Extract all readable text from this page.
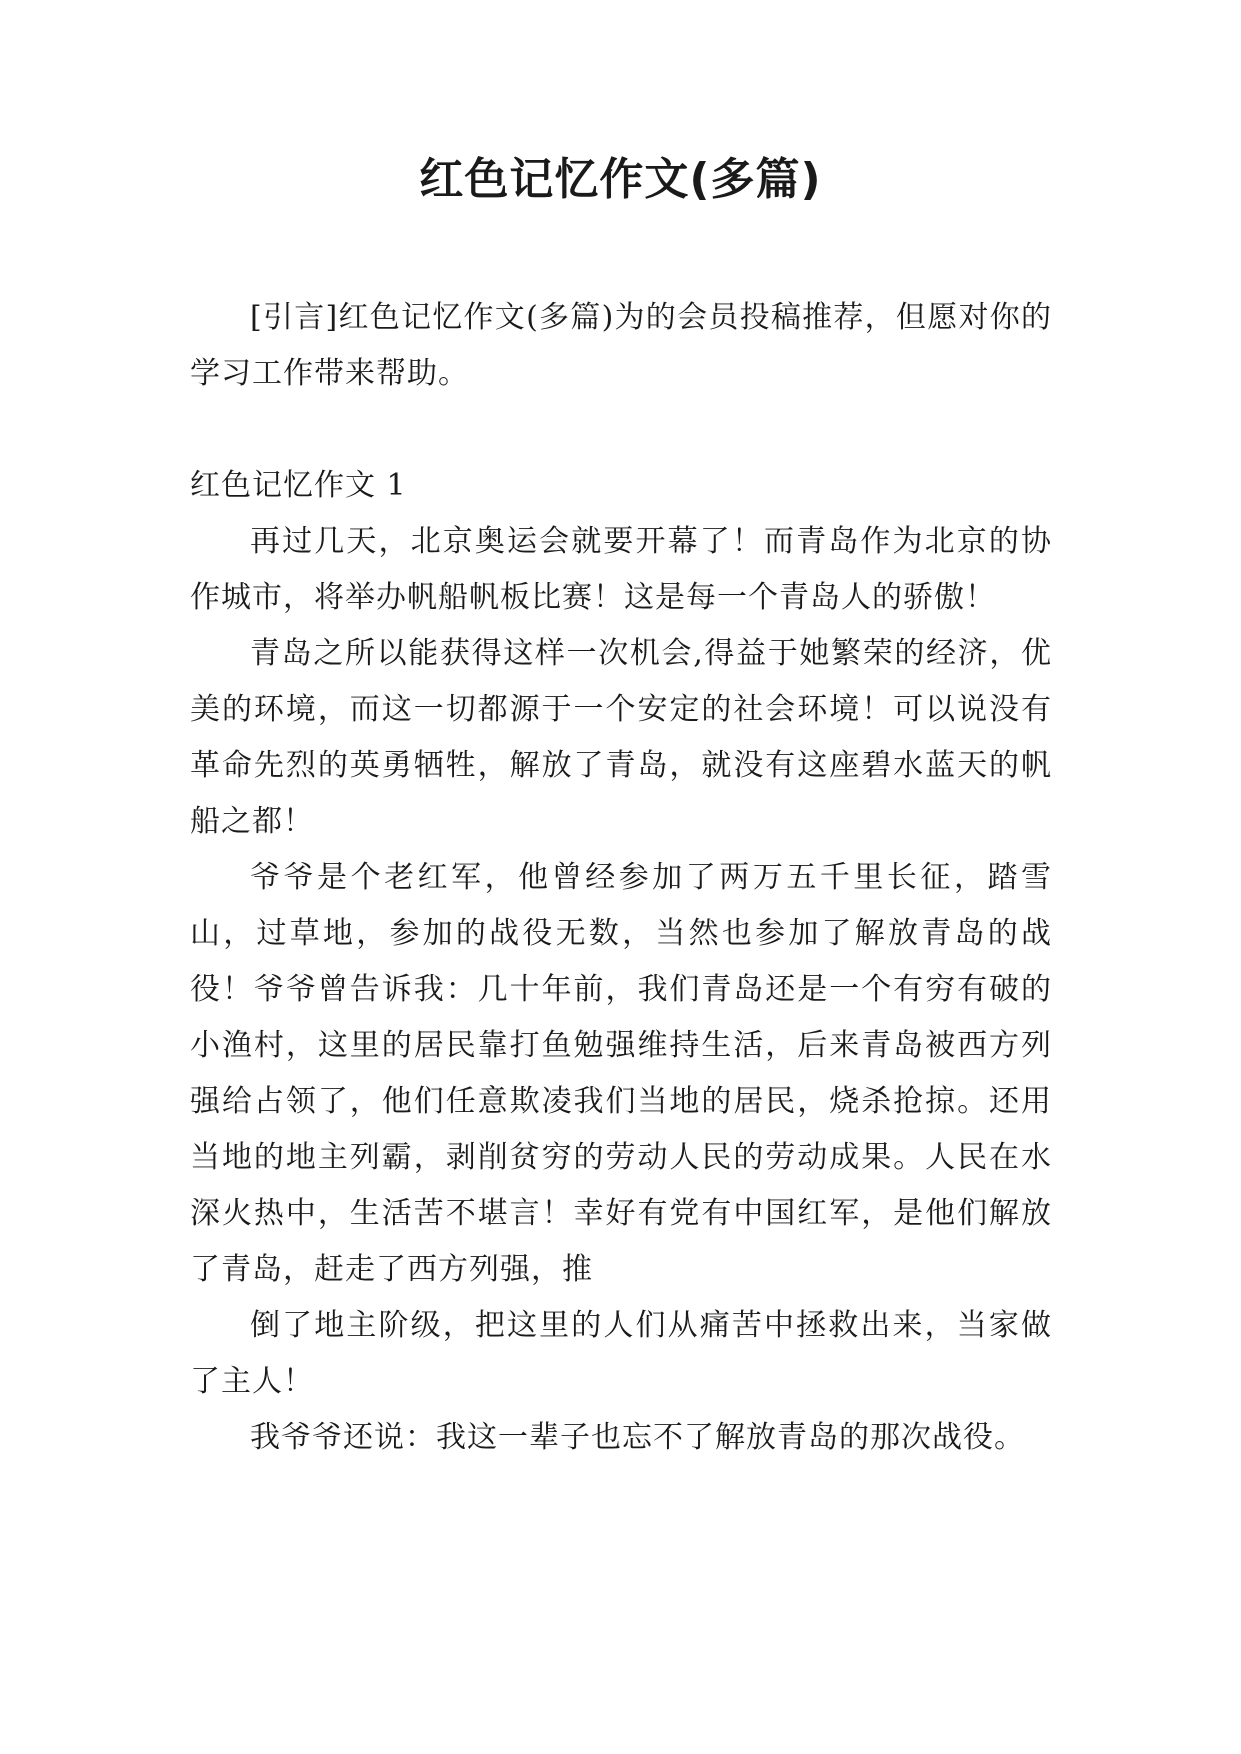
红色记忆作文(多篇)

[引言]红色记忆作文(多篇)为的会员投稿推荐，但愿对你的学习工作带来帮助。

红色记忆作文 1

再过几天，北京奥运会就要开幕了！而青岛作为北京的协作城市，将举办帆船帆板比赛！这是每一个青岛人的骄傲！

青岛之所以能获得这样一次机会,得益于她繁荣的经济，优美的环境，而这一切都源于一个安定的社会环境！可以说没有革命先烈的英勇牺牲，解放了青岛，就没有这座碧水蓝天的帆船之都！

爷爷是个老红军，他曾经参加了两万五千里长征，踏雪山，过草地，参加的战役无数，当然也参加了解放青岛的战役！爷爷曾告诉我：几十年前，我们青岛还是一个有穷有破的小渔村，这里的居民靠打鱼勉强维持生活，后来青岛被西方列强给占领了，他们任意欺凌我们当地的居民，烧杀抢掠。还用当地的地主列霸，剥削贫穷的劳动人民的劳动成果。人民在水深火热中，生活苦不堪言！幸好有党有中国红军，是他们解放了青岛，赶走了西方列强，推

倒了地主阶级，把这里的人们从痛苦中拯救出来，当家做了主人！

我爷爷还说：我这一辈子也忘不了解放青岛的那次战役。
